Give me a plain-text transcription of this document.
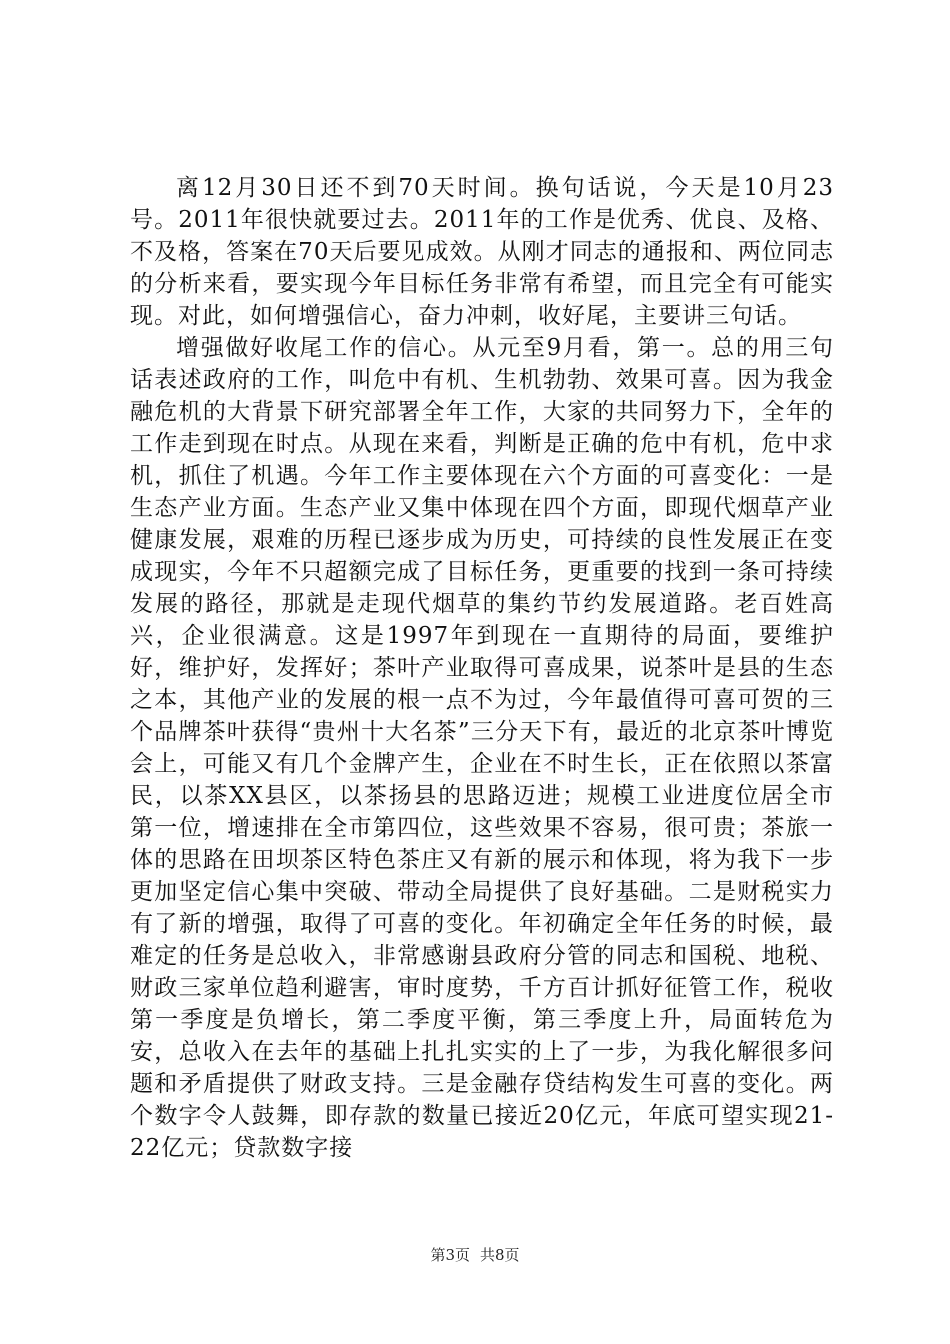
离12月30日还不到70天时间。换句话说，今天是10月23号。2011年很快就要过去。2011年的工作是优秀、优良、及格、不及格，答案在70天后要见成效。从刚才同志的通报和、两位同志的分析来看，要实现今年目标任务非常有希望，而且完全有可能实现。对此，如何增强信心，奋力冲刺，收好尾，主要讲三句话。

增强做好收尾工作的信心。从元至9月看，第一。总的用三句话表述政府的工作，叫危中有机、生机勃勃、效果可喜。因为我金融危机的大背景下研究部署全年工作，大家的共同努力下，全年的工作走到现在时点。从现在来看，判断是正确的危中有机，危中求机，抓住了机遇。今年工作主要体现在六个方面的可喜变化：一是生态产业方面。生态产业又集中体现在四个方面，即现代烟草产业健康发展，艰难的历程已逐步成为历史，可持续的良性发展正在变成现实，今年不只超额完成了目标任务，更重要的找到一条可持续发展的路径，那就是走现代烟草的集约节约发展道路。老百姓高兴，企业很满意。这是1997年到现在一直期待的局面，要维护好，维护好，发挥好；茶叶产业取得可喜成果，说茶叶是县的生态之本，其他产业的发展的根一点不为过，今年最值得可喜可贺的三个品牌茶叶获得“贵州十大名茶”三分天下有，最近的北京茶叶博览会上，可能又有几个金牌产生，企业在不时生长，正在依照以茶富民，以茶XX县区，以茶扬县的思路迈进；规模工业进度位居全市第一位，增速排在全市第四位，这些效果不容易，很可贵；茶旅一体的思路在田坝茶区特色茶庄又有新的展示和体现，将为我下一步更加坚定信心集中突破、带动全局提供了良好基础。二是财税实力有了新的增强，取得了可喜的变化。年初确定全年任务的时候，最难定的任务是总收入，非常感谢县政府分管的同志和国税、地税、财政三家单位趋利避害，审时度势，千方百计抓好征管工作，税收第一季度是负增长，第二季度平衡，第三季度上升，局面转危为安，总收入在去年的基础上扎扎实实的上了一步，为我化解很多问题和矛盾提供了财政支持。三是金融存贷结构发生可喜的变化。两个数字令人鼓舞，即存款的数量已接近20亿元，年底可望实现21-22亿元；贷款数字接

第3页 共8页
